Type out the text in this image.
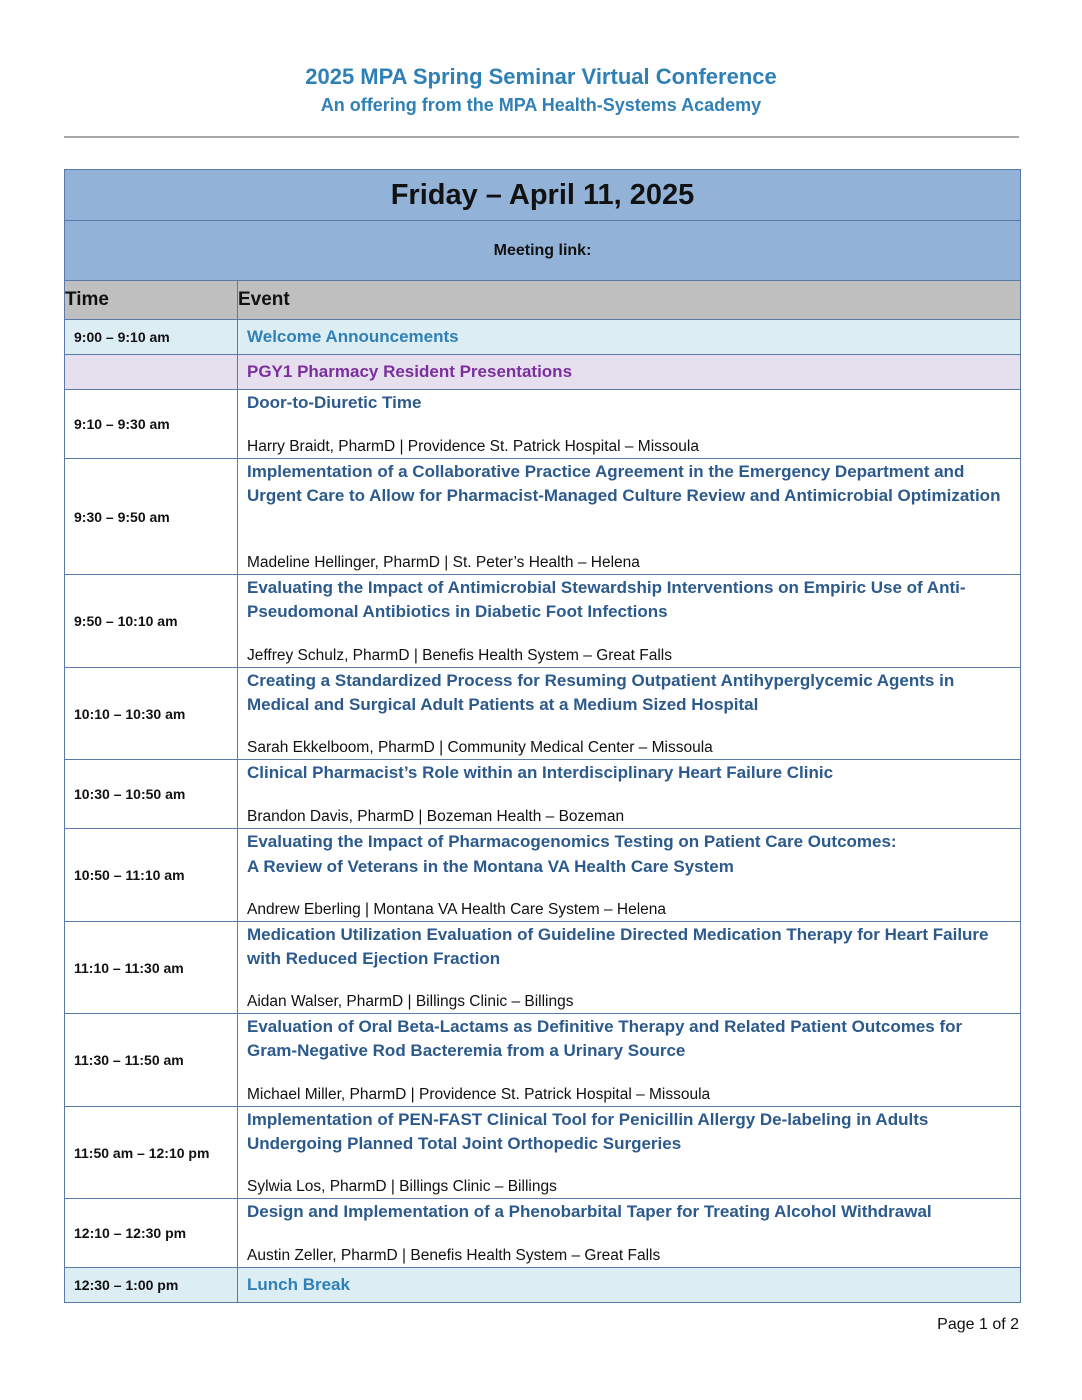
2025 MPA Spring Seminar Virtual Conference
An offering from the MPA Health-Systems Academy
Friday – April 11, 2025	
Meeting link:	
Time	Event
9:00 – 9:10 am	Welcome Announcements

	PGY1 Pharmacy Resident Presentations

9:10 – 9:30 am	Door-to-Diuretic Time
Harry Braidt, PharmD | Providence St. Patrick Hospital – Missoula

9:30 – 9:50 am	Implementation of a Collaborative Practice Agreement in the Emergency Department and Urgent Care to Allow for Pharmacist-Managed Culture Review and Antimicrobial Optimization
Madeline Hellinger, PharmD | St. Peter’s Health – Helena

9:50 – 10:10 am	Evaluating the Impact of Antimicrobial Stewardship Interventions on Empiric Use of Anti-Pseudomonal Antibiotics in Diabetic Foot Infections
Jeffrey Schulz, PharmD | Benefis Health System – Great Falls

10:10 – 10:30 am	Creating a Standardized Process for Resuming Outpatient Antihyperglycemic Agents in Medical and Surgical Adult Patients at a Medium Sized Hospital
Sarah Ekkelboom, PharmD | Community Medical Center – Missoula

10:30 – 10:50 am	Clinical Pharmacist’s Role within an Interdisciplinary Heart Failure Clinic
Brandon Davis, PharmD | Bozeman Health – Bozeman

10:50 – 11:10 am	Evaluating the Impact of Pharmacogenomics Testing on Patient Care Outcomes:
A Review of Veterans in the Montana VA Health Care System
Andrew Eberling | Montana VA Health Care System – Helena

11:10 – 11:30 am	Medication Utilization Evaluation of Guideline Directed Medication Therapy for Heart Failure with Reduced Ejection Fraction
Aidan Walser, PharmD | Billings Clinic – Billings

11:30 – 11:50 am	Evaluation of Oral Beta-Lactams as Definitive Therapy and Related Patient Outcomes for Gram-Negative Rod Bacteremia from a Urinary Source
Michael Miller, PharmD | Providence St. Patrick Hospital – Missoula

11:50 am – 12:10 pm	Implementation of PEN-FAST Clinical Tool for Penicillin Allergy De-labeling in Adults Undergoing Planned Total Joint Orthopedic Surgeries
Sylwia Los, PharmD | Billings Clinic – Billings

12:10 – 12:30 pm	Design and Implementation of a Phenobarbital Taper for Treating Alcohol Withdrawal
Austin Zeller, PharmD | Benefis Health System – Great Falls

12:30 – 1:00 pm	Lunch Break
Page 1 of 2
